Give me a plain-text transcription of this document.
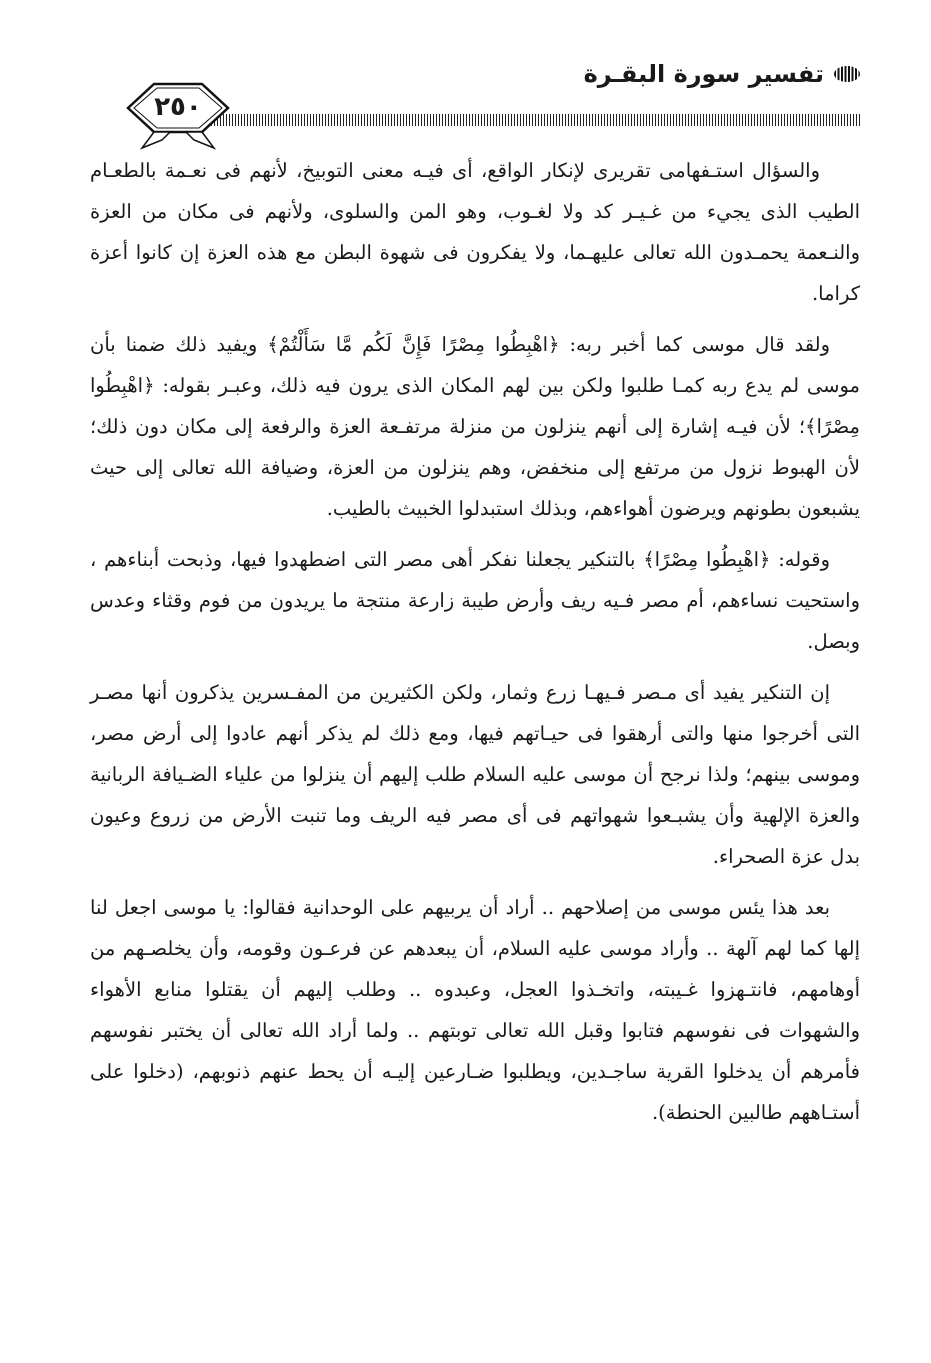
تفسير سورة البقـرة
٢٥٠

والسؤال استـفهامى تقريرى لإنكار الواقع، أى فيـه معنى التوبيخ، لأنهم فى نعـمة بالطعـام الطيب الذى يجيء من غـيـر كد ولا لغـوب، وهو المن والسلوى، ولأنهم فى مكان من العزة والنـعمة يحمـدون الله تعالى عليهـما، ولا يفكرون فى شهوة البطن مع هذه العزة إن كانوا أعزة كراما.

ولقد قال موسى كما أخبر ربه: ﴿اهْبِطُوا مِصْرًا فَإِنَّ لَكُم مَّا سَأَلْتُمْ﴾ ويفيد ذلك ضمنا بأن موسى لم يدع ربه كمـا طلبوا ولكن بين لهم المكان الذى يرون فيه ذلك، وعبـر بقوله: ﴿اهْبِطُوا مِصْرًا﴾؛ لأن فيـه إشارة إلى أنهم ينزلون من منزلة مرتفـعة العزة والرفعة إلى مكان دون ذلك؛ لأن الهبوط نزول من مرتفع إلى منخفض، وهم ينزلون من العزة، وضيافة الله تعالى إلى حيث يشبعون بطونهم ويرضون أهواءهم، وبذلك استبدلوا الخبيث بالطيب.

وقوله: ﴿اهْبِطُوا مِصْرًا﴾ بالتنكير يجعلنا نفكر أهى مصر التى اضطهدوا فيها، وذبحت أبناءهم ، واستحيت نساءهم، أم مصر فـيه ريف وأرض طيبة زارعة منتجة ما يريدون من فوم وقثاء وعدس وبصل.

إن التنكير يفيد أى مـصر فـيهـا زرع وثمار، ولكن الكثيرين من المفـسرين يذكرون أنها مصـر التى أخرجوا منها والتى أرهقوا فى حيـاتهم فيها، ومع ذلك لم يذكر أنهم عادوا إلى أرض مصر، وموسى بينهم؛ ولذا نرجح أن موسى عليه السلام طلب إليهم أن ينزلوا من علياء الضـيافة الربانية والعزة الإلهية وأن يشبـعوا شهواتهم فى أى مصر فيه الريف وما تنبت الأرض من زروع وعيون بدل عزة الصحراء.

بعد هذا يئس موسى من إصلاحهم .. أراد أن يربيهم على الوحدانية فقالوا: يا موسى اجعل لنا إلها كما لهم آلهة .. وأراد موسى عليه السلام، أن يبعدهم عن فرعـون وقومه، وأن يخلصـهم من أوهامهم، فانتـهزوا غـيبته، واتخـذوا العجل، وعبدوه .. وطلب إليهم أن يقتلوا منابع الأهواء والشهوات فى نفوسهم فتابوا وقبل الله تعالى توبتهم .. ولما أراد الله تعالى أن يختبر نفوسهم فأمرهم أن يدخلوا القرية ساجـدين، ويطلبوا ضـارعين إليـه أن يحط عنهم ذنوبهم، (دخلوا على أستـاههم طالبين الحنطة).
